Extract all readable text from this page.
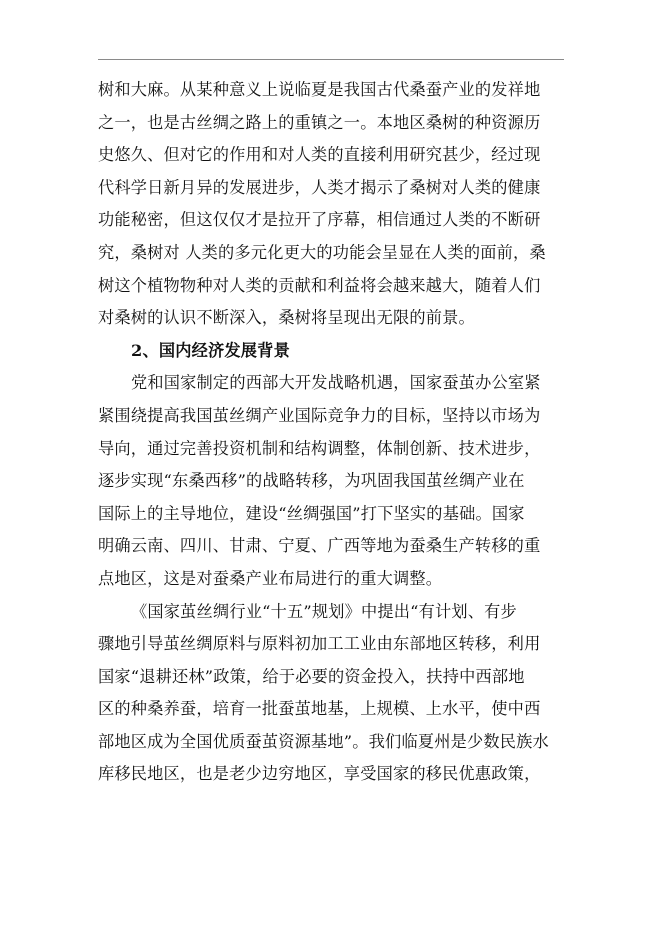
树和大麻。从某种意义上说临夏是我国古代桑蚕产业的发祥地
之一，也是古丝绸之路上的重镇之一。本地区桑树的种资源历
史悠久、但对它的作用和对人类的直接利用研究甚少，经过现
代科学日新月异的发展进步，人类才揭示了桑树对人类的健康
功能秘密，但这仅仅才是拉开了序幕，相信通过人类的不断研
究，桑树对 人类的多元化更大的功能会呈显在人类的面前，桑
树这个植物物种对人类的贡献和利益将会越来越大，随着人们
对桑树的认识不断深入，桑树将呈现出无限的前景。
2、国内经济发展背景
党和国家制定的西部大开发战略机遇，国家蚕茧办公室紧
紧围绕提高我国茧丝绸产业国际竞争力的目标，坚持以市场为
导向，通过完善投资机制和结构调整，体制创新、技术进步，
逐步实现“东桑西移”的战略转移，为巩固我国茧丝绸产业在
国际上的主导地位，建设“丝绸强国”打下坚实的基础。国家
明确云南、四川、甘肃、宁夏、广西等地为蚕桑生产转移的重
点地区，这是对蚕桑产业布局进行的重大调整。
《国家茧丝绸行业“十五”规划》中提出“有计划、有步
骤地引导茧丝绸原料与原料初加工工业由东部地区转移，利用
国家“退耕还林”政策，给于必要的资金投入，扶持中西部地
区的种桑养蚕，培育一批蚕茧地基，上规模、上水平，使中西
部地区成为全国优质蚕茧资源基地”。我们临夏州是少数民族水
库移民地区，也是老少边穷地区，享受国家的移民优惠政策，
